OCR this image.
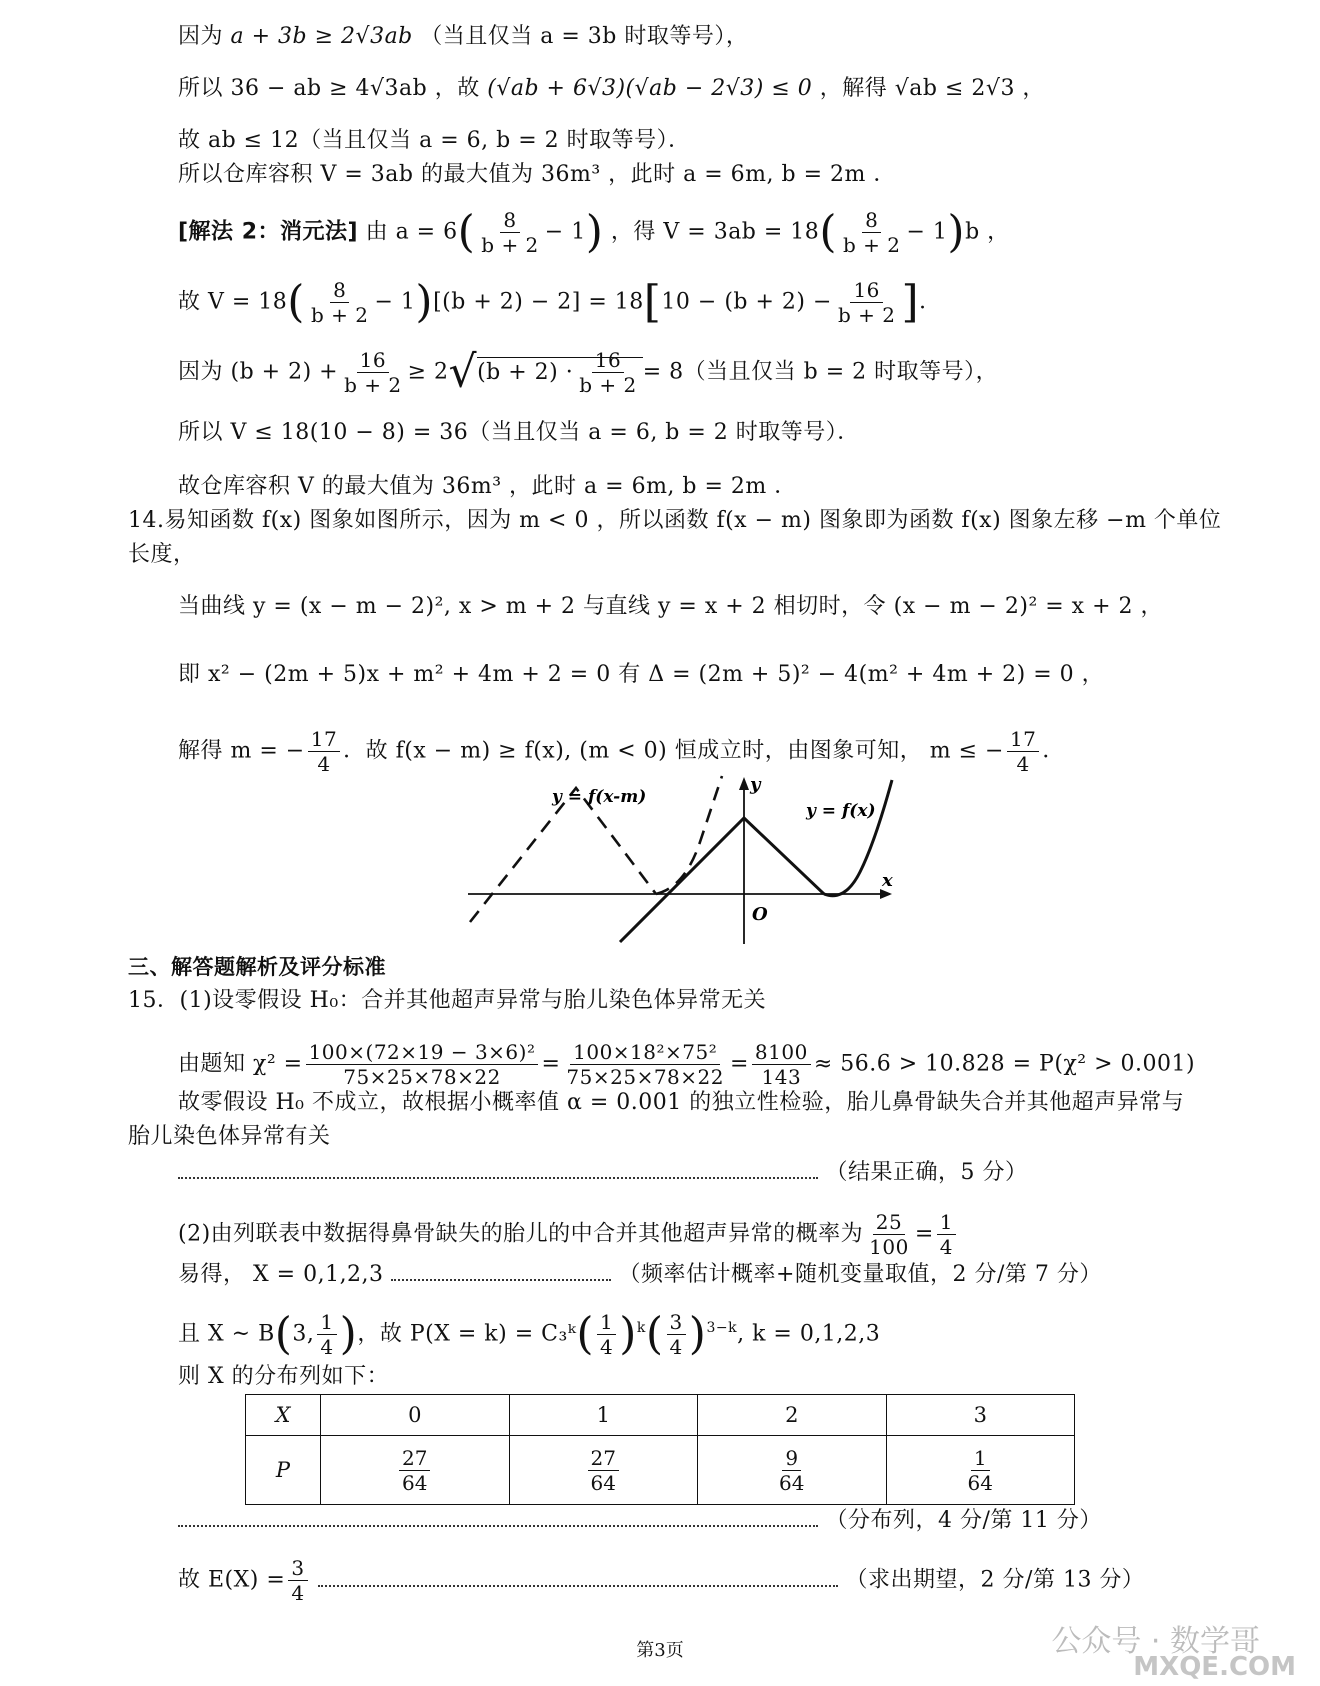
因为 a + 3b ≥ 2√3ab （当且仅当 a = 3b 时取等号），
所以 36 − ab ≥ 4√3ab ，故 (√ab + 6√3)(√ab − 2√3) ≤ 0 ，解得 √ab ≤ 2√3 ，
故 ab ≤ 12（当且仅当 a = 6, b = 2 时取等号）．
所以仓库容积 V = 3ab 的最大值为 36m³ ，此时 a = 6m, b = 2m ．
[解法 2：消元法] 由 $a = 6( \frac{8}{b + 2} - 1)$ ，得 $V = 3ab = 18( \frac{8}{b + 2} - 1)b$ ，
故 $V = 18( \frac{8}{b + 2} - 1)[(b + 2) - 2] = 18[10 - (b + 2) - \frac{16}{b + 2}$ ]．
因为 $(b + 2) + \frac{16}{b + 2} \ge 2√(b + 2) \cdot \frac{16}{b + 2} = 8$（当且仅当 b = 2 时取等号），
所以 V ≤ 18(10 − 8) = 36（当且仅当 a = 6, b = 2 时取等号）．
故仓库容积 V 的最大值为 36m³ ，此时 a = 6m, b = 2m ．
14.易知函数 f(x) 图象如图所示，因为 m < 0 ，所以函数 f(x − m) 图象即为函数 f(x) 图象左移 −m 个单位
长度，
当曲线 y = (x − m − 2)², x > m + 2 与直线 y = x + 2 相切时，令 (x − m − 2)² = x + 2 ，
即 x² − (2m + 5)x + m² + 4m + 2 = 0 有 Δ = (2m + 5)² − 4(m² + 4m + 2) = 0 ，
解得 m = − $\frac{17}{4}$ ．故 f(x − m) ≥ f(x), (m < 0) 恒成立时，由图象可知， m ≤ − $\frac{17}{4}$ ．
y = f(x-m)
y = f(x)
x
y
O
三、解答题解析及评分标准
15．(1)设零假设 H₀：合并其他超声异常与胎儿染色体异常无关
由题知 $\chi^2 = \frac{\text{100×(72×19 − 3×6)²}}{75\times 25\times 78\times 22} = \frac{\text{100×18²×75²}}{75\times 25\times 78\times 22} = \frac{8100}{143} \approx 56.6 > 10.828 = P(\chi^2 > 0.001)$
故零假设 H₀ 不成立，故根据小概率值 α = 0.001 的独立性检验，胎儿鼻骨缺失合并其他超声异常与
胎儿染色体异常有关
（结果正确，5 分）
(2)由列联表中数据得鼻骨缺失的胎儿的中合并其他超声异常的概率为 $\frac{25}{100} = \frac{1}{4}$
易得， X = 0,1,2,3	（频率估计概率+随机变量取值，2 分/第 7 分）
且 X ~ B(3, $\frac{1}{4}$ )，故 P(X = k) = C₃ᵏ( $\frac{1}{4} )^k( \frac{3}{4} )^{3-k}$, k = 0,1,2,3
则 X 的分布列如下：
X	0	1	2	3
P	$\frac{27}{64}$	$\frac{27}{64}$	$\frac{9}{64}$	$\frac{1}{64}$
（分布列，4 分/第 11 分）
故 $E(X) = \frac{3}{4}$	（求出期望，2 分/第 13 分）
第3页	公众号 · 数学哥
MXQE.COM
